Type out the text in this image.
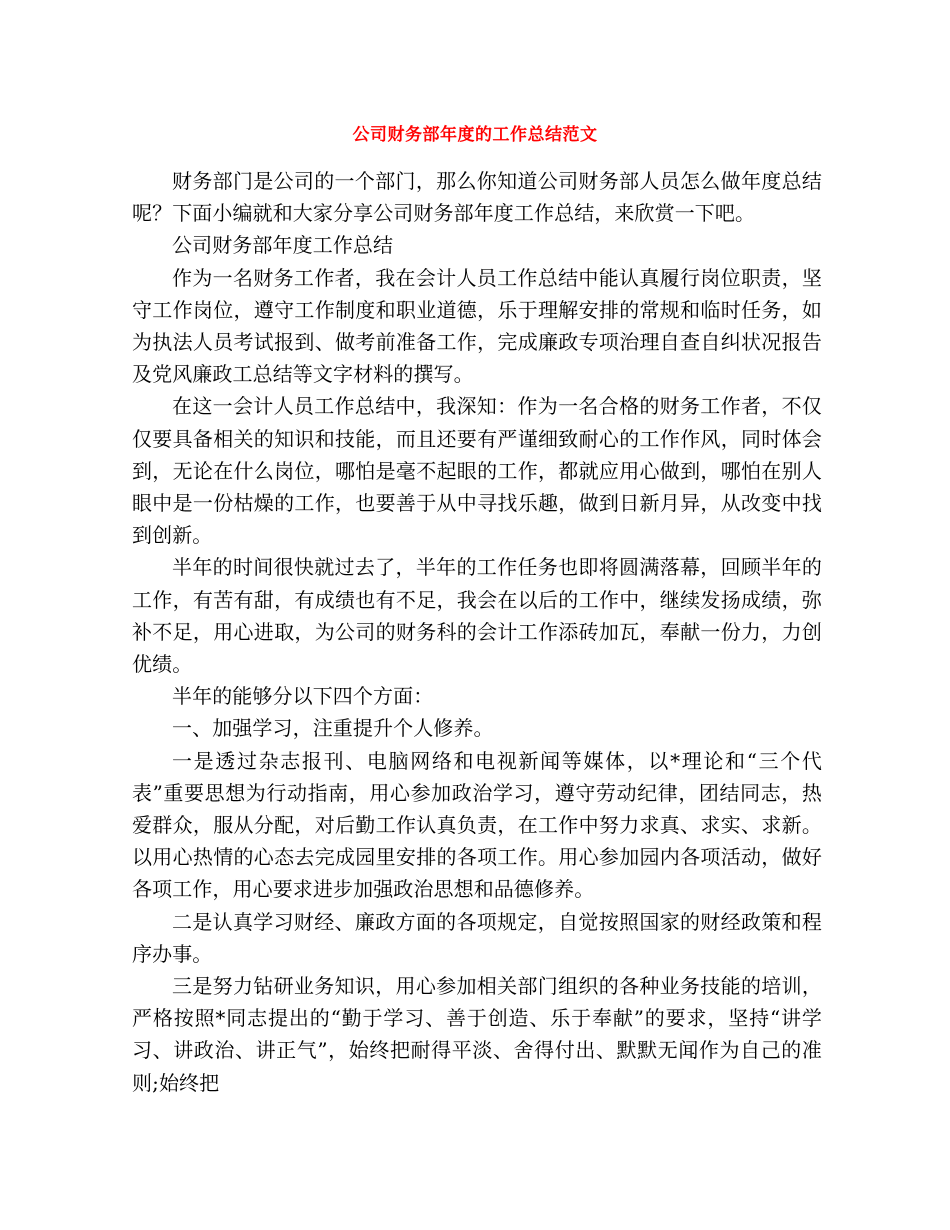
公司财务部年度的工作总结范文

财务部门是公司的一个部门，那么你知道公司财务部人员怎么做年度总结呢？下面小编就和大家分享公司财务部年度工作总结，来欣赏一下吧。

公司财务部年度工作总结

作为一名财务工作者，我在会计人员工作总结中能认真履行岗位职责，坚守工作岗位，遵守工作制度和职业道德，乐于理解安排的常规和临时任务，如为执法人员考试报到、做考前准备工作，完成廉政专项治理自查自纠状况报告及党风廉政工总结等文字材料的撰写。

在这一会计人员工作总结中，我深知：作为一名合格的财务工作者，不仅仅要具备相关的知识和技能，而且还要有严谨细致耐心的工作作风，同时体会到，无论在什么岗位，哪怕是毫不起眼的工作，都就应用心做到，哪怕在别人眼中是一份枯燥的工作，也要善于从中寻找乐趣，做到日新月异，从改变中找到创新。

半年的时间很快就过去了，半年的工作任务也即将圆满落幕，回顾半年的工作，有苦有甜，有成绩也有不足，我会在以后的工作中，继续发扬成绩，弥补不足，用心进取，为公司的财务科的会计工作添砖加瓦，奉献一份力，力创优绩。

半年的能够分以下四个方面：

一、加强学习，注重提升个人修养。

一是透过杂志报刊、电脑网络和电视新闻等媒体，以*理论和“三个代表”重要思想为行动指南，用心参加政治学习，遵守劳动纪律，团结同志，热爱群众，服从分配，对后勤工作认真负责，在工作中努力求真、求实、求新。以用心热情的心态去完成园里安排的各项工作。用心参加园内各项活动，做好各项工作，用心要求进步加强政治思想和品德修养。

二是认真学习财经、廉政方面的各项规定，自觉按照国家的财经政策和程序办事。

三是努力钻研业务知识，用心参加相关部门组织的各种业务技能的培训，严格按照*同志提出的“勤于学习、善于创造、乐于奉献”的要求，坚持“讲学习、讲政治、讲正气”，始终把耐得平淡、舍得付出、默默无闻作为自己的准则;始终把
